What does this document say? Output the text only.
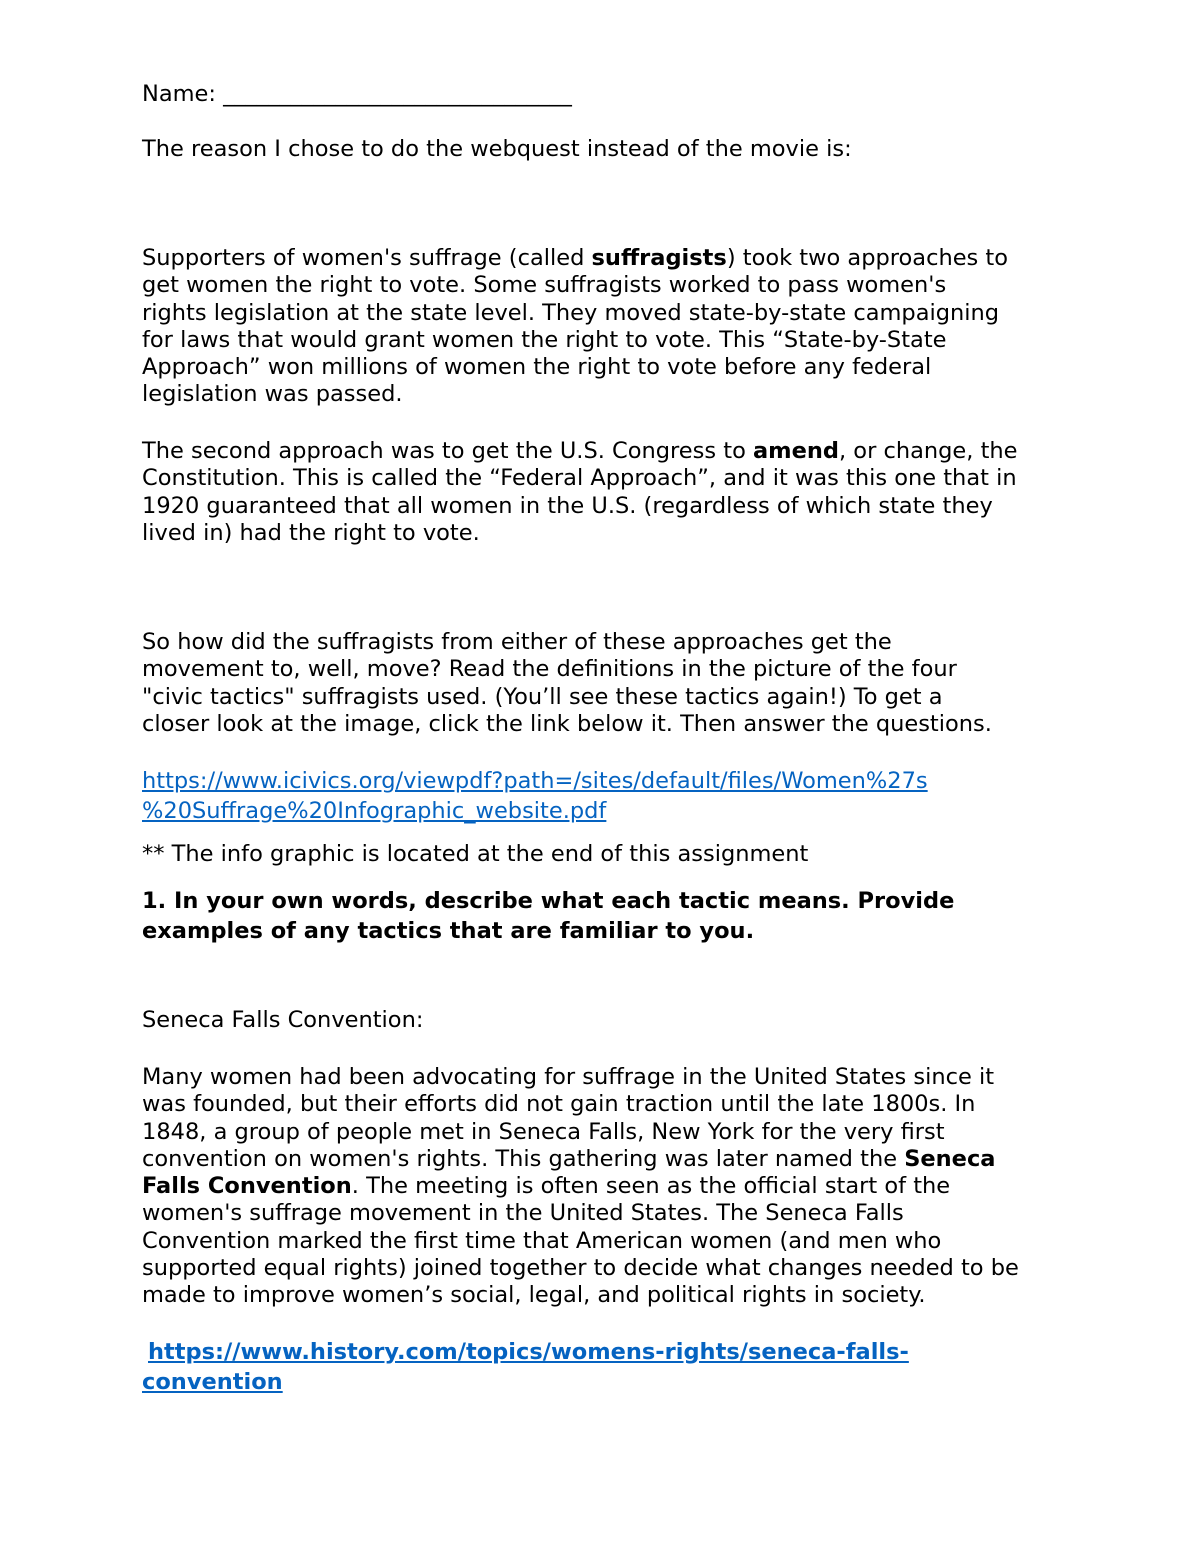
Name: _______________________________
The reason I chose to do the webquest instead of the movie is:
Supporters of women's suffrage (called suffragists) took two approaches to
get women the right to vote. Some suffragists worked to pass women's
rights legislation at the state level. They moved state-by-state campaigning
for laws that would grant women the right to vote. This “State-by-State
Approach” won millions of women the right to vote before any federal
legislation was passed.
The second approach was to get the U.S. Congress to amend, or change, the
Constitution. This is called the “Federal Approach”, and it was this one that in
1920 guaranteed that all women in the U.S. (regardless of which state they
lived in) had the right to vote.
So how did the suffragists from either of these approaches get the
movement to, well, move? Read the definitions in the picture of the four
"civic tactics" suffragists used. (You’ll see these tactics again!) To get a
closer look at the image, click the link below it. Then answer the questions.
https://www.icivics.org/viewpdf?path=/sites/default/files/Women%27s
%20Suffrage%20Infographic_website.pdf
** The info graphic is located at the end of this assignment
1. In your own words, describe what each tactic means. Provide
examples of any tactics that are familiar to you.
Seneca Falls Convention:
Many women had been advocating for suffrage in the United States since it
was founded, but their efforts did not gain traction until the late 1800s. In
1848, a group of people met in Seneca Falls, New York for the very first
convention on women's rights. This gathering was later named the Seneca
Falls Convention. The meeting is often seen as the official start of the
women's suffrage movement in the United States. The Seneca Falls
Convention marked the first time that American women (and men who
supported equal rights) joined together to decide what changes needed to be
made to improve women’s social, legal, and political rights in society.
https://www.history.com/topics/womens-rights/seneca-falls-
convention
